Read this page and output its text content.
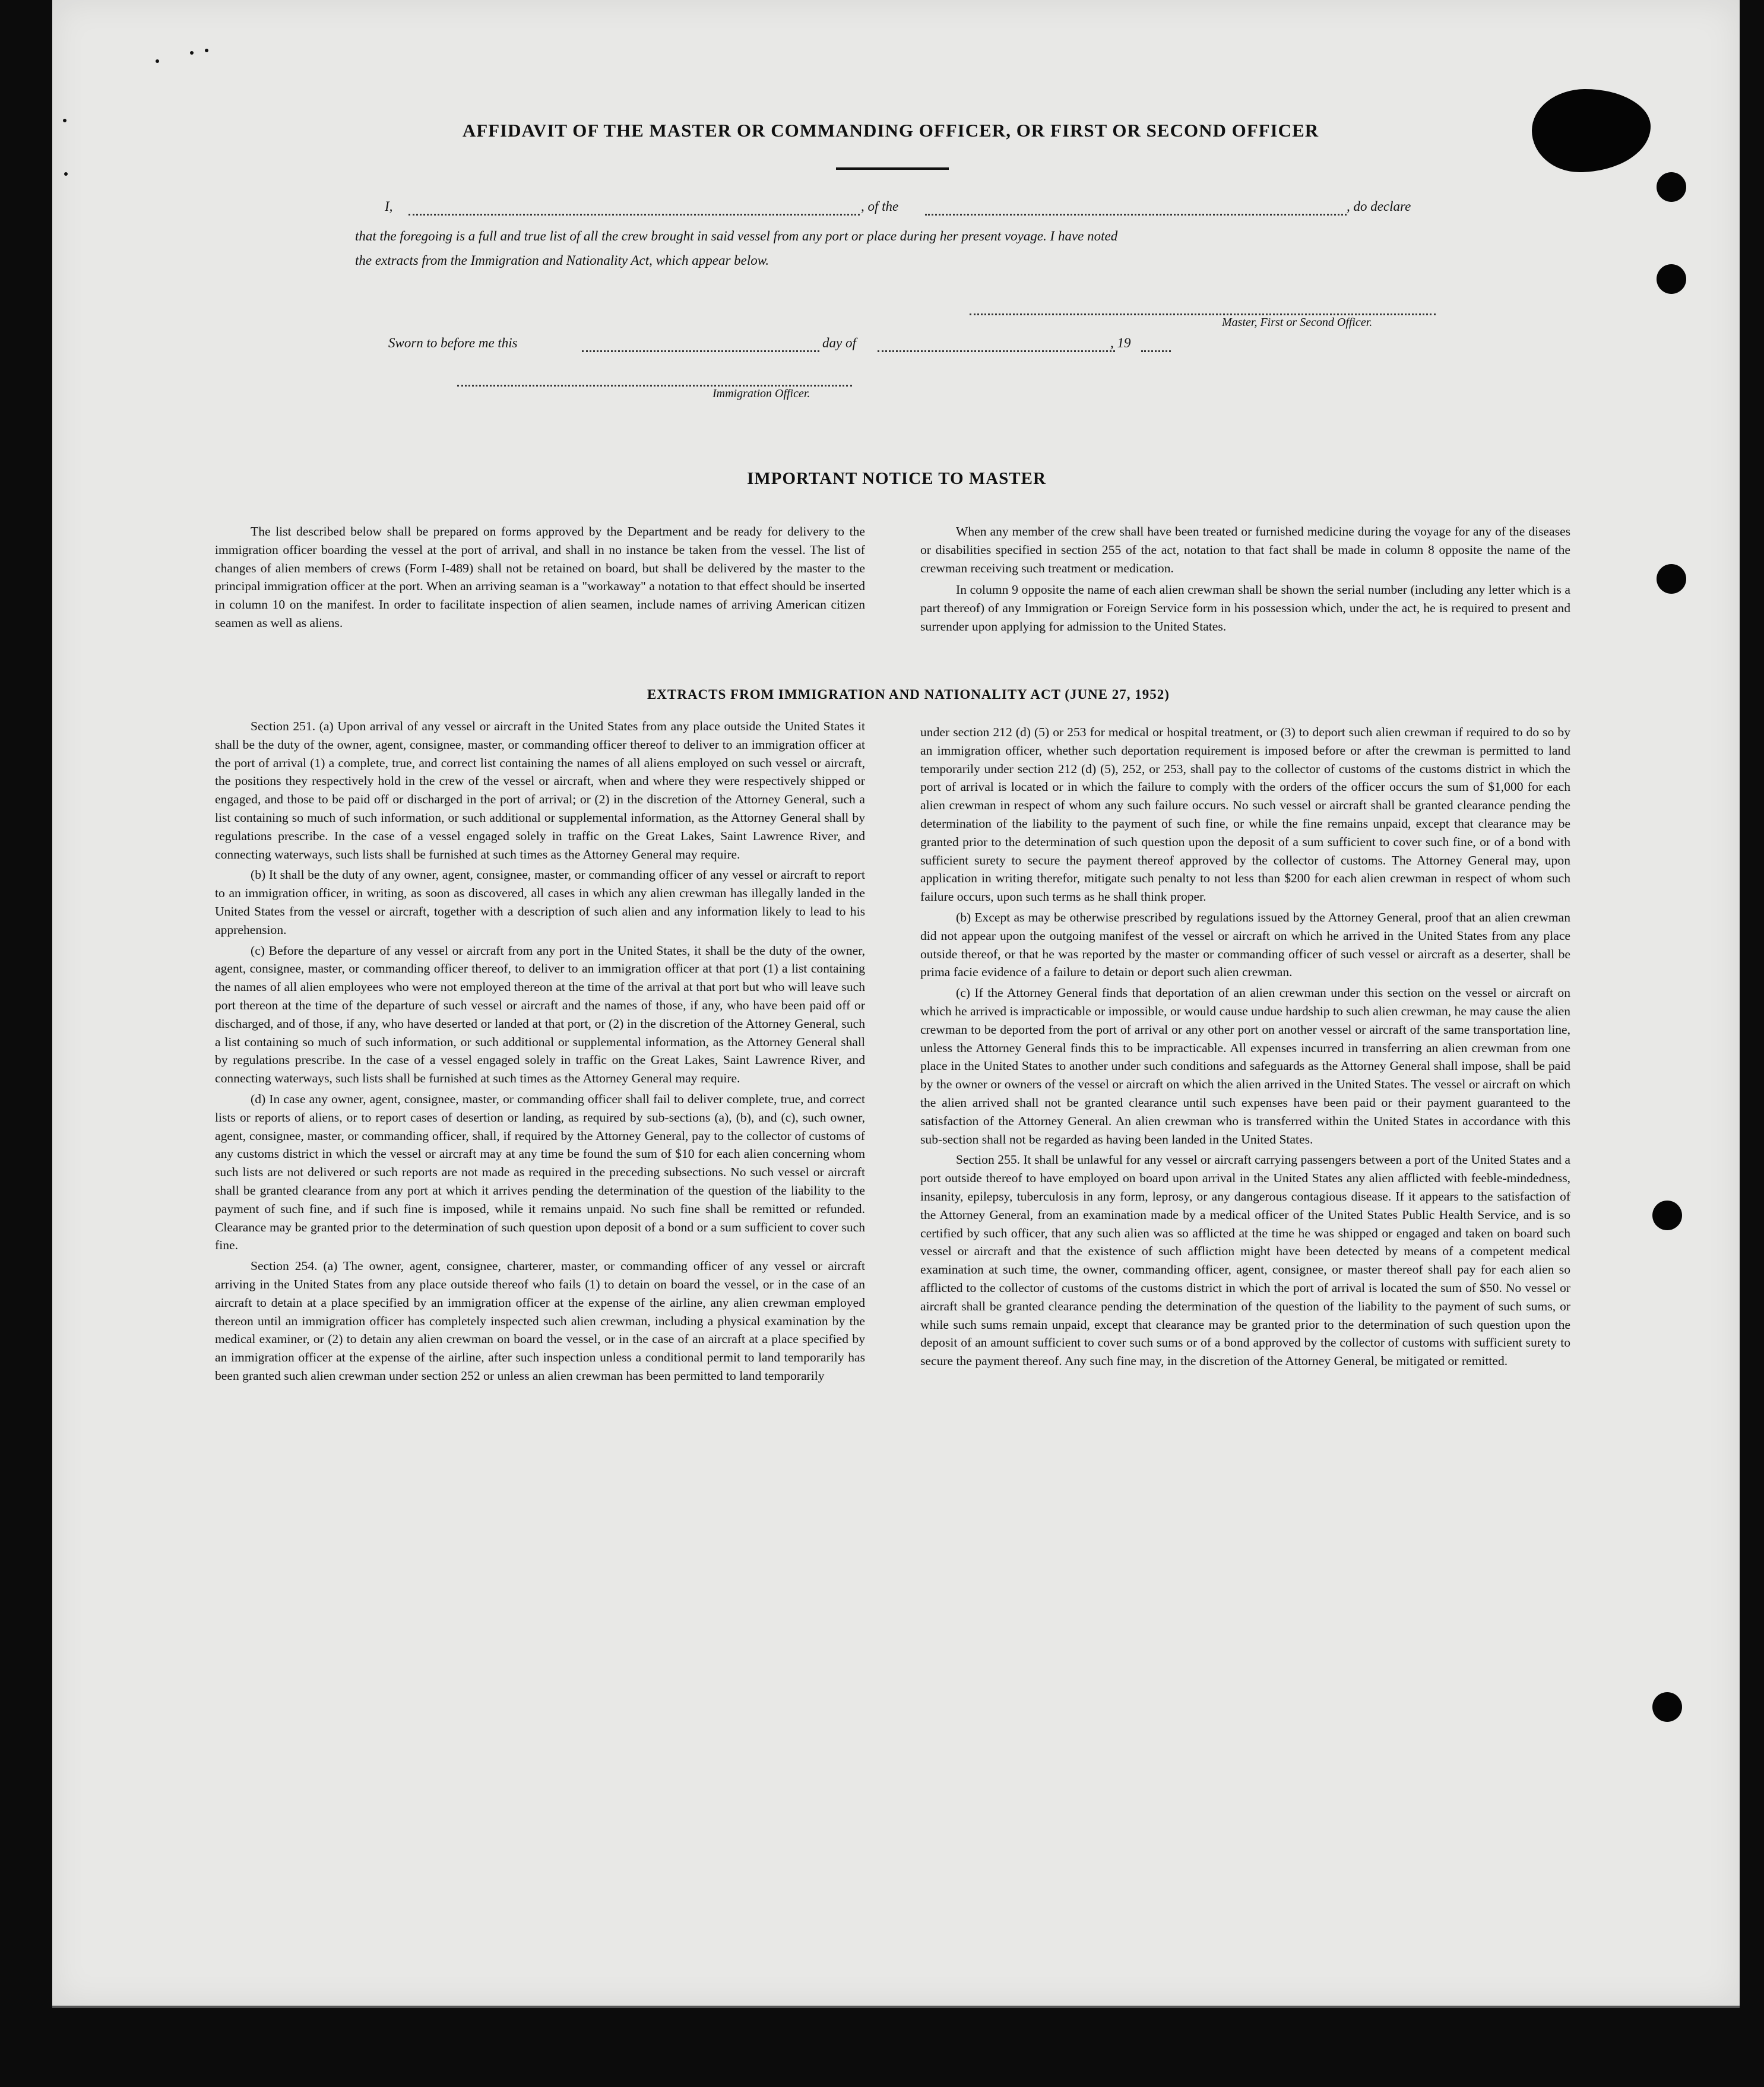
AFFIDAVIT OF THE MASTER OR COMMANDING OFFICER, OR FIRST OR SECOND OFFICER
I,	, of the	, do declare
that the foregoing is a full and true list of all the crew brought in said vessel from any port or place during her present voyage. I have noted
the extracts from the Immigration and Nationality Act, which appear below.
Master, First or Second Officer.
Sworn to before me this	day of	, 19
Immigration Officer.
IMPORTANT NOTICE TO MASTER

The list described below shall be prepared on forms approved by the Department and be ready for delivery to the immigration officer boarding the vessel at the port of arrival, and shall in no instance be taken from the vessel. The list of changes of alien members of crews (Form I-489) shall not be retained on board, but shall be delivered by the master to the principal immigration officer at the port. When an arriving seaman is a "workaway" a notation to that effect should be inserted in column 10 on the manifest. In order to facilitate inspection of alien seamen, include names of arriving American citizen seamen as well as aliens.

When any member of the crew shall have been treated or furnished medicine during the voyage for any of the diseases or disabilities specified in section 255 of the act, notation to that fact shall be made in column 8 opposite the name of the crewman receiving such treatment or medication.

In column 9 opposite the name of each alien crewman shall be shown the serial number (including any letter which is a part thereof) of any Immigration or Foreign Service form in his possession which, under the act, he is required to present and surrender upon applying for admission to the United States.

EXTRACTS FROM IMMIGRATION AND NATIONALITY ACT (JUNE 27, 1952)

Section 251. (a) Upon arrival of any vessel or aircraft in the United States from any place outside the United States it shall be the duty of the owner, agent, consignee, master, or commanding officer thereof to deliver to an immigration officer at the port of arrival (1) a complete, true, and correct list containing the names of all aliens employed on such vessel or aircraft, the positions they respectively hold in the crew of the vessel or aircraft, when and where they were respectively shipped or engaged, and those to be paid off or discharged in the port of arrival; or (2) in the discretion of the Attorney General, such a list containing so much of such information, or such additional or supplemental information, as the Attorney General shall by regulations prescribe. In the case of a vessel engaged solely in traffic on the Great Lakes, Saint Lawrence River, and connecting waterways, such lists shall be furnished at such times as the Attorney General may require.

(b) It shall be the duty of any owner, agent, consignee, master, or commanding officer of any vessel or aircraft to report to an immigration officer, in writing, as soon as discovered, all cases in which any alien crewman has illegally landed in the United States from the vessel or aircraft, together with a description of such alien and any information likely to lead to his apprehension.

(c) Before the departure of any vessel or aircraft from any port in the United States, it shall be the duty of the owner, agent, consignee, master, or commanding officer thereof, to deliver to an immigration officer at that port (1) a list containing the names of all alien employees who were not employed thereon at the time of the arrival at that port but who will leave such port thereon at the time of the departure of such vessel or aircraft and the names of those, if any, who have been paid off or discharged, and of those, if any, who have deserted or landed at that port, or (2) in the discretion of the Attorney General, such a list containing so much of such information, or such additional or supplemental information, as the Attorney General shall by regulations prescribe. In the case of a vessel engaged solely in traffic on the Great Lakes, Saint Lawrence River, and connecting waterways, such lists shall be furnished at such times as the Attorney General may require.

(d) In case any owner, agent, consignee, master, or commanding officer shall fail to deliver complete, true, and correct lists or reports of aliens, or to report cases of desertion or landing, as required by sub-sections (a), (b), and (c), such owner, agent, consignee, master, or commanding officer, shall, if required by the Attorney General, pay to the collector of customs of any customs district in which the vessel or aircraft may at any time be found the sum of $10 for each alien concerning whom such lists are not delivered or such reports are not made as required in the preceding subsections. No such vessel or aircraft shall be granted clearance from any port at which it arrives pending the determination of the question of the liability to the payment of such fine, and if such fine is imposed, while it remains unpaid. No such fine shall be remitted or refunded. Clearance may be granted prior to the determination of such question upon deposit of a bond or a sum sufficient to cover such fine.

Section 254. (a) The owner, agent, consignee, charterer, master, or commanding officer of any vessel or aircraft arriving in the United States from any place outside thereof who fails (1) to detain on board the vessel, or in the case of an aircraft to detain at a place specified by an immigration officer at the expense of the airline, any alien crewman employed thereon until an immigration officer has completely inspected such alien crewman, including a physical examination by the medical examiner, or (2) to detain any alien crewman on board the vessel, or in the case of an aircraft at a place specified by an immigration officer at the expense of the airline, after such inspection unless a conditional permit to land temporarily has been granted such alien crewman under section 252 or unless an alien crewman has been permitted to land temporarily

under section 212 (d) (5) or 253 for medical or hospital treatment, or (3) to deport such alien crewman if required to do so by an immigration officer, whether such deportation requirement is imposed before or after the crewman is permitted to land temporarily under section 212 (d) (5), 252, or 253, shall pay to the collector of customs of the customs district in which the port of arrival is located or in which the failure to comply with the orders of the officer occurs the sum of $1,000 for each alien crewman in respect of whom any such failure occurs. No such vessel or aircraft shall be granted clearance pending the determination of the liability to the payment of such fine, or while the fine remains unpaid, except that clearance may be granted prior to the determination of such question upon the deposit of a sum sufficient to cover such fine, or of a bond with sufficient surety to secure the payment thereof approved by the collector of customs. The Attorney General may, upon application in writing therefor, mitigate such penalty to not less than $200 for each alien crewman in respect of whom such failure occurs, upon such terms as he shall think proper.

(b) Except as may be otherwise prescribed by regulations issued by the Attorney General, proof that an alien crewman did not appear upon the outgoing manifest of the vessel or aircraft on which he arrived in the United States from any place outside thereof, or that he was reported by the master or commanding officer of such vessel or aircraft as a deserter, shall be prima facie evidence of a failure to detain or deport such alien crewman.

(c) If the Attorney General finds that deportation of an alien crewman under this section on the vessel or aircraft on which he arrived is impracticable or impossible, or would cause undue hardship to such alien crewman, he may cause the alien crewman to be deported from the port of arrival or any other port on another vessel or aircraft of the same transportation line, unless the Attorney General finds this to be impracticable. All expenses incurred in transferring an alien crewman from one place in the United States to another under such conditions and safeguards as the Attorney General shall impose, shall be paid by the owner or owners of the vessel or aircraft on which the alien arrived in the United States. The vessel or aircraft on which the alien arrived shall not be granted clearance until such expenses have been paid or their payment guaranteed to the satisfaction of the Attorney General. An alien crewman who is transferred within the United States in accordance with this sub-section shall not be regarded as having been landed in the United States.

Section 255. It shall be unlawful for any vessel or aircraft carrying passengers between a port of the United States and a port outside thereof to have employed on board upon arrival in the United States any alien afflicted with feeble-mindedness, insanity, epilepsy, tuberculosis in any form, leprosy, or any dangerous contagious disease. If it appears to the satisfaction of the Attorney General, from an examination made by a medical officer of the United States Public Health Service, and is so certified by such officer, that any such alien was so afflicted at the time he was shipped or engaged and taken on board such vessel or aircraft and that the existence of such affliction might have been detected by means of a competent medical examination at such time, the owner, commanding officer, agent, consignee, or master thereof shall pay for each alien so afflicted to the collector of customs of the customs district in which the port of arrival is located the sum of $50. No vessel or aircraft shall be granted clearance pending the determination of the question of the liability to the payment of such sums, or while such sums remain unpaid, except that clearance may be granted prior to the determination of such question upon the deposit of an amount sufficient to cover such sums or of a bond approved by the collector of customs with sufficient surety to secure the payment thereof. Any such fine may, in the discretion of the Attorney General, be mitigated or remitted.
